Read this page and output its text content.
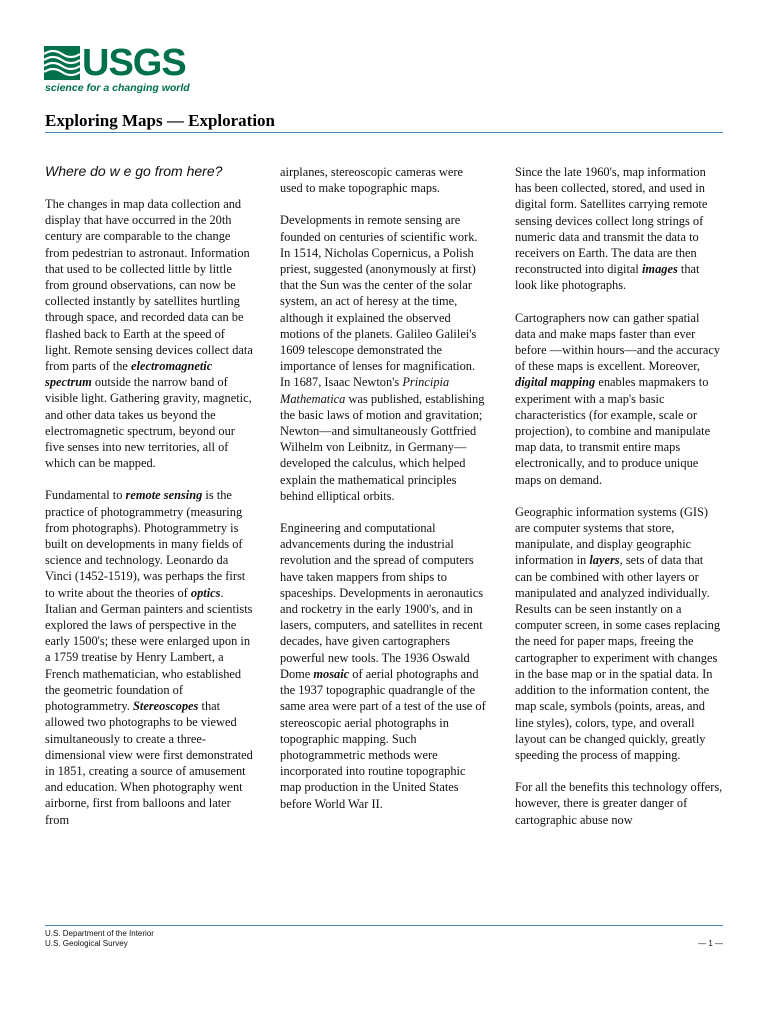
USGS
science for a changing world
Exploring Maps — Exploration
Where do w e go from here?

The changes in map data collection and display that have occurred in the 20th century are comparable to the change from pedestrian to astronaut. Information that used to be collected little by little from ground observations, can now be collected instantly by satellites hurtling through space, and recorded data can be flashed back to Earth at the speed of light. Remote sensing devices collect data from parts of the electromagnetic spectrum outside the narrow band of visible light. Gathering gravity, magnetic, and other data takes us beyond the electromagnetic spectrum, beyond our five senses into new territories, all of which can be mapped.

Fundamental to remote sensing is the practice of photogrammetry (measuring from photographs). Photogrammetry is built on developments in many fields of science and technology. Leonardo da Vinci (1452-1519), was perhaps the first to write about the theories of optics. Italian and German painters and scientists explored the laws of perspective in the early 1500's; these were enlarged upon in a 1759 treatise by Henry Lambert, a French mathematician, who established the geometric foundation of photogrammetry. Stereoscopes that allowed two photographs to be viewed simultaneously to create a three-dimensional view were first demonstrated in 1851, creating a source of amusement and education. When photography went airborne, first from balloons and later from

airplanes, stereoscopic cameras were used to make topographic maps.

Developments in remote sensing are founded on centuries of scientific work. In 1514, Nicholas Copernicus, a Polish priest, suggested (anonymously at first) that the Sun was the center of the solar system, an act of heresy at the time, although it explained the observed motions of the planets. Galileo Galilei's 1609 telescope demonstrated the importance of lenses for magnification. In 1687, Isaac Newton's Principia Mathematica was published, establishing the basic laws of motion and gravitation; Newton—and simultaneously Gottfried Wilhelm von Leibnitz, in Germany—developed the calculus, which helped explain the mathematical principles behind elliptical orbits.

Engineering and computational advancements during the industrial revolution and the spread of computers have taken mappers from ships to spaceships. Developments in aeronautics and rocketry in the early 1900's, and in lasers, computers, and satellites in recent decades, have given cartographers powerful new tools. The 1936 Oswald Dome mosaic of aerial photographs and the 1937 topographic quadrangle of the same area were part of a test of the use of stereoscopic aerial photographs in topographic mapping. Such photogrammetric methods were incorporated into routine topographic map production in the United States before World War II.

Since the late 1960's, map information has been collected, stored, and used in digital form. Satellites carrying remote sensing devices collect long strings of numeric data and transmit the data to receivers on Earth. The data are then reconstructed into digital images that look like photographs.

Cartographers now can gather spatial data and make maps faster than ever before —within hours—and the accuracy of these maps is excellent. Moreover, digital mapping enables mapmakers to experiment with a map's basic characteristics (for example, scale or projection), to combine and manipulate map data, to transmit entire maps electronically, and to produce unique maps on demand.

Geographic information systems (GIS) are computer systems that store, manipulate, and display geographic information in layers, sets of data that can be combined with other layers or manipulated and analyzed individually. Results can be seen instantly on a computer screen, in some cases replacing the need for paper maps, freeing the cartographer to experiment with changes in the base map or in the spatial data. In addition to the information content, the map scale, symbols (points, areas, and line styles), colors, type, and overall layout can be changed quickly, greatly speeding the process of mapping.

For all the benefits this technology offers, however, there is greater danger of cartographic abuse now

U.S. Department of the Interior
U.S. Geological Survey	— 1 —
